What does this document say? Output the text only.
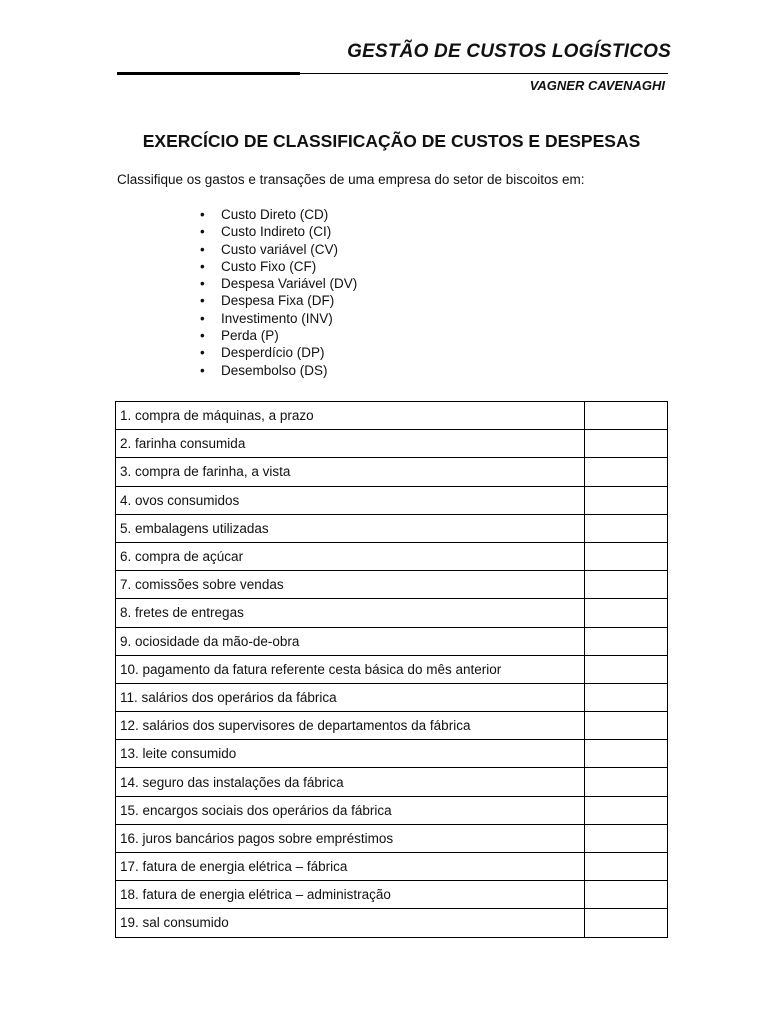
GESTÃO DE CUSTOS LOGÍSTICOS
VAGNER CAVENAGHI
EXERCÍCIO DE CLASSIFICAÇÃO DE CUSTOS E DESPESAS
Classifique os gastos e transações de uma empresa do setor de biscoitos em:
• Custo Direto (CD)
• Custo Indireto (CI)
• Custo variável (CV)
• Custo Fixo (CF)
• Despesa Variável (DV)
• Despesa Fixa (DF)
• Investimento (INV)
• Perda (P)
• Desperdício (DP)
• Desembolso (DS)
1. compra de máquinas, a prazo	
2. farinha consumida	
3. compra de farinha, a vista	
4. ovos consumidos	
5. embalagens utilizadas	
6. compra de açúcar	
7. comissões sobre vendas	
8. fretes de entregas	
9. ociosidade da mão-de-obra	
10. pagamento da fatura referente cesta básica do mês anterior	
11. salários dos operários da fábrica	
12. salários dos supervisores de departamentos da fábrica	
13. leite consumido	
14. seguro das instalações da fábrica	
15. encargos sociais dos operários da fábrica	
16. juros bancários pagos sobre empréstimos	
17. fatura de energia elétrica – fábrica	
18. fatura de energia elétrica – administração	
19. sal consumido	
